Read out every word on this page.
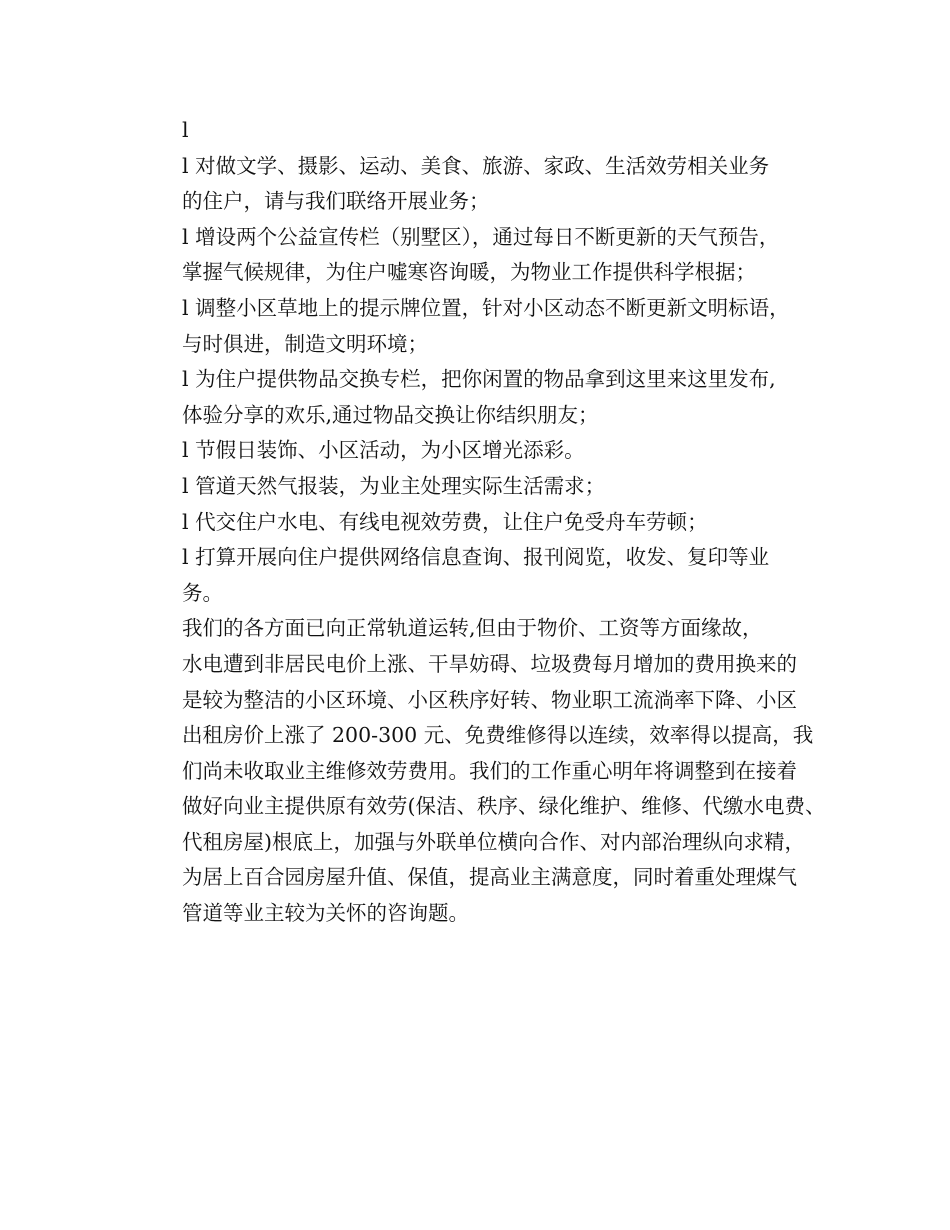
l
l 对做文学、摄影、运动、美食、旅游、家政、生活效劳相关业务
的住户，请与我们联络开展业务；
l 增设两个公益宣传栏（别墅区），通过每日不断更新的天气预告，
掌握气候规律，为住户嘘寒咨询暖，为物业工作提供科学根据；
l 调整小区草地上的提示牌位置，针对小区动态不断更新文明标语，
与时俱进，制造文明环境；
l 为住户提供物品交换专栏，把你闲置的物品拿到这里来这里发布,
体验分享的欢乐,通过物品交换让你结织朋友；
l 节假日装饰、小区活动，为小区增光添彩。
l 管道天然气报装，为业主处理实际生活需求；
l 代交住户水电、有线电视效劳费，让住户免受舟车劳顿；
l 打算开展向住户提供网络信息查询、报刊阅览，收发、复印等业
务。
我们的各方面已向正常轨道运转,但由于物价、工资等方面缘故，
水电遭到非居民电价上涨、干旱妨碍、垃圾费每月增加的费用换来的
是较为整洁的小区环境、小区秩序好转、物业职工流淌率下降、小区
出租房价上涨了 200-300 元、免费维修得以连续，效率得以提高，我
们尚未收取业主维修效劳费用。我们的工作重心明年将调整到在接着
做好向业主提供原有效劳(保洁、秩序、绿化维护、维修、代缴水电费、
代租房屋)根底上，加强与外联单位横向合作、对内部治理纵向求精，
为居上百合园房屋升值、保值，提高业主满意度，同时着重处理煤气
管道等业主较为关怀的咨询题。
